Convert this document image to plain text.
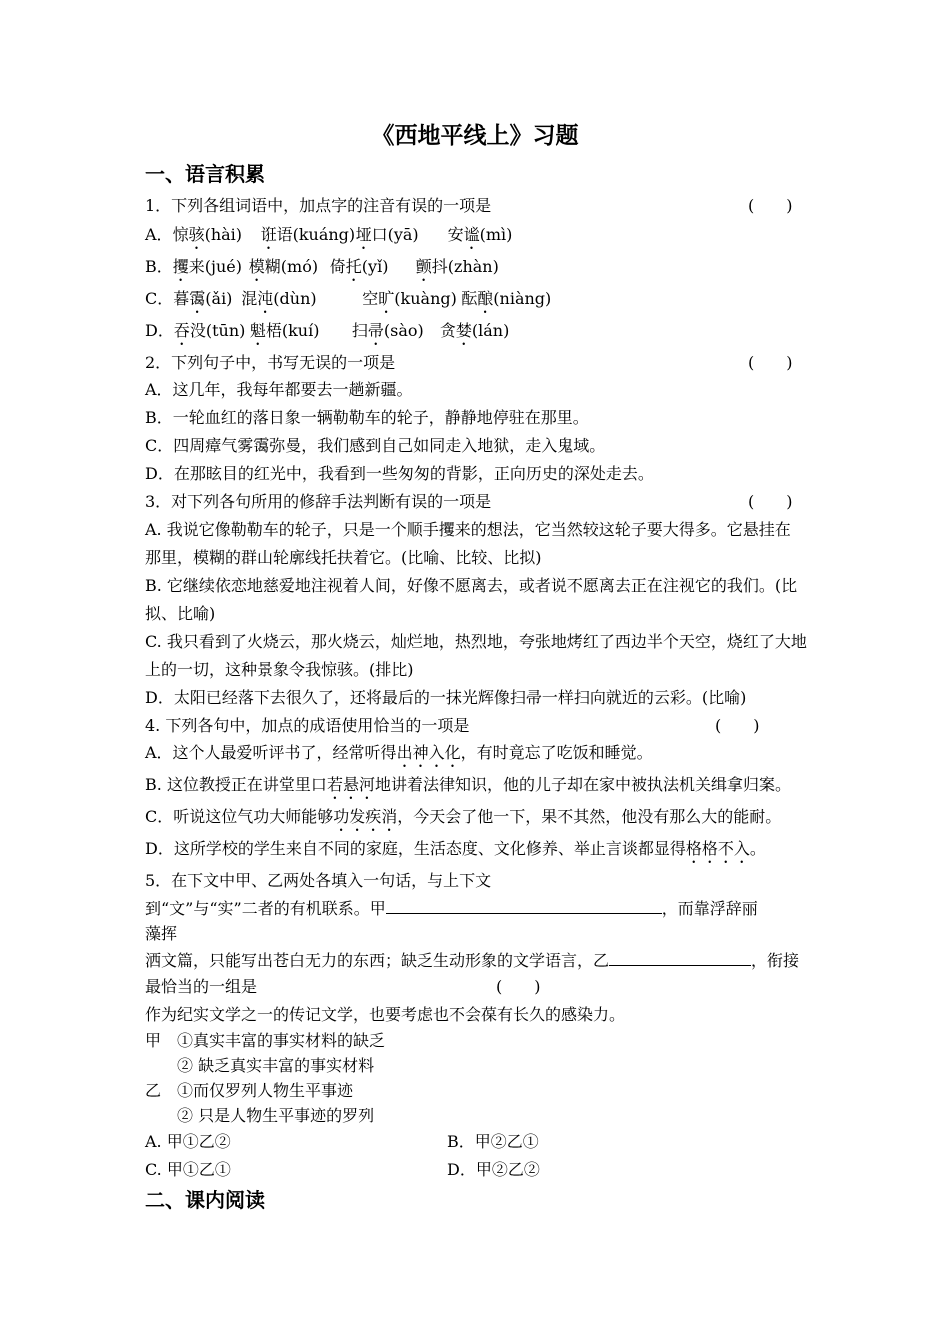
《西地平线上》习题
一、语言积累
1．下列各组词语中，加点字的注音有误的一项是	(　　)
A．惊骇(hài) 诳语(kuáng)垭口(yā) 安谧(mì)
B．攫来(jué) 模糊(mó) 倚托(yǐ) 颤抖(zhàn)
C．暮霭(ǎi) 混沌(dùn)	空旷(kuàng) 酝酿(niàng)
D．吞没(tūn) 魁梧(kuí) 扫帚(sào) 贪婪(lán)
2．下列句子中，书写无误的一项是	(　　)
A．这几年，我每年都要去一趟新疆。
B．一轮血红的落日象一辆勒勒车的轮子，静静地停驻在那里。
C．四周瘴气雾霭弥曼，我们感到自己如同走入地狱，走入鬼域。
D．在那眩目的红光中，我看到一些匆匆的背影，正向历史的深处走去。
3．对下列各句所用的修辞手法判断有误的一项是	(　　)
A. 我说它像勒勒车的轮子，只是一个顺手攫来的想法，它当然较这轮子要大得多。它悬挂在
那里，模糊的群山轮廓线托扶着它。(比喻、比较、比拟)
B. 它继续依恋地慈爱地注视着人间，好像不愿离去，或者说不愿离去正在注视它的我们。(比
拟、比喻)
C. 我只看到了火烧云，那火烧云，灿烂地，热烈地，夸张地烤红了西边半个天空，烧红了大地
上的一切，这种景象令我惊骇。(排比)
D．太阳已经落下去很久了，还将最后的一抹光辉像扫帚一样扫向就近的云彩。(比喻)
4. 下列各句中，加点的成语使用恰当的一项是	(　　)
A．这个人最爱听评书了，经常听得出神入化，有时竟忘了吃饭和睡觉。
B. 这位教授正在讲堂里口若悬河地讲着法律知识，他的儿子却在家中被执法机关缉拿归案。
C．听说这位气功大师能够功发疾消，今天会了他一下，果不其然，他没有那么大的能耐。
D．这所学校的学生来自不同的家庭，生活态度、文化修养、举止言谈都显得格格不入。
5．在下文中甲、乙两处各填入一句话，与上下文
到“文”与“实”二者的有机联系。甲	，而靠浮辞丽
藻挥
洒文篇，只能写出苍白无力的东西；缺乏生动形象的文学语言，乙	，衔接
最恰当的一组是	(　　)
作为纪实文学之一的传记文学，也要考虑也不会葆有长久的感染力。
甲 ①真实丰富的事实材料的缺乏
② 缺乏真实丰富的事实材料
乙 ①而仅罗列人物生平事迹
② 只是人物生平事迹的罗列
A. 甲①乙②	B．甲②乙①
C. 甲①乙①	D．甲②乙②
二、课内阅读
